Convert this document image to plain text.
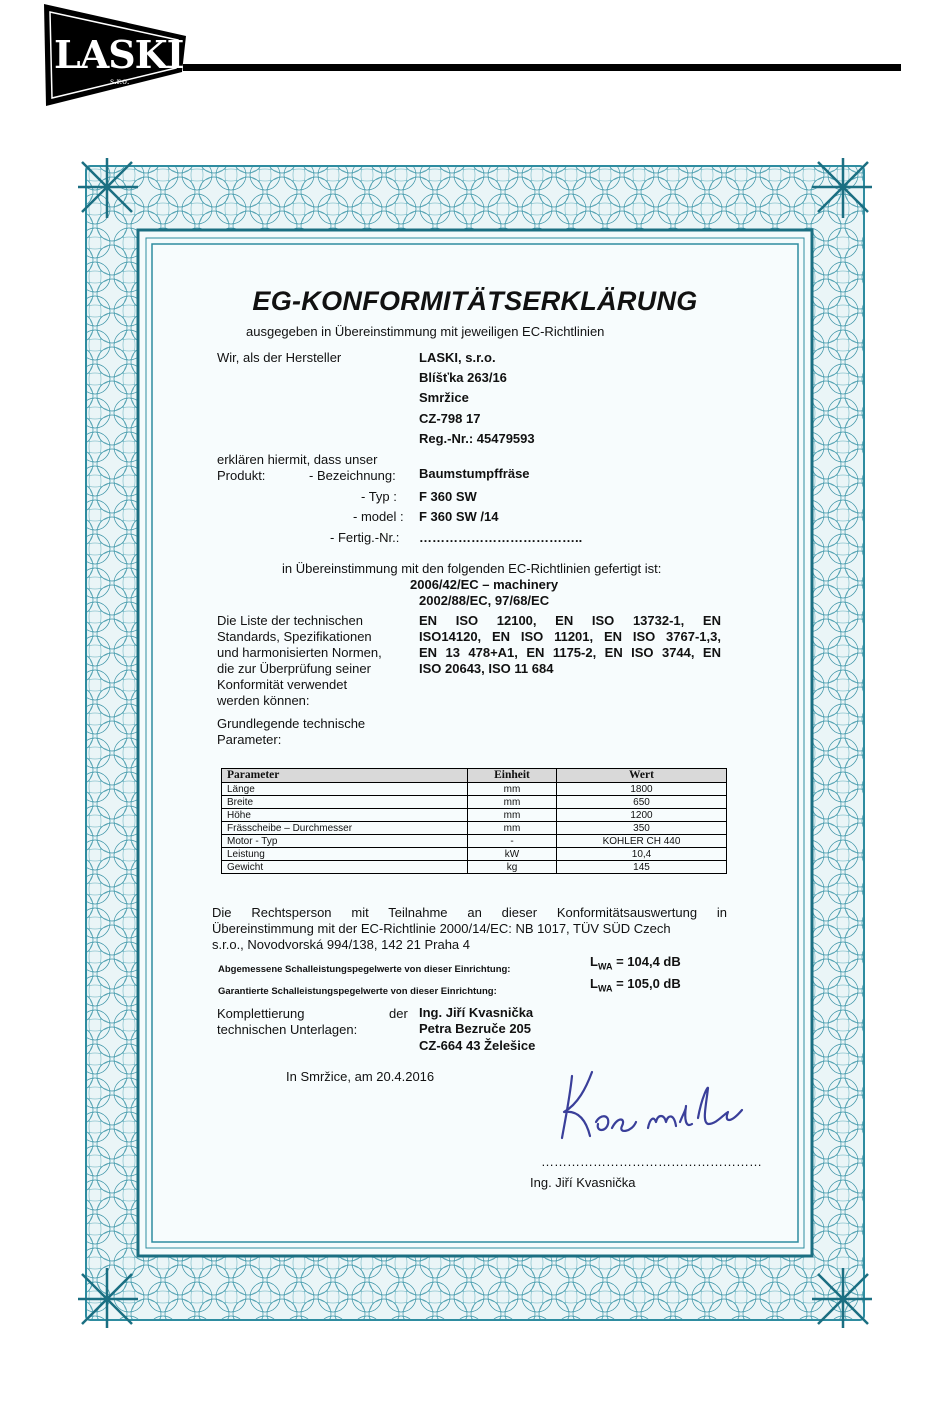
LASKI
s.r.o.
EG-KONFORMITÄTSERKLÄRUNG
ausgegeben in Übereinstimmung mit jeweiligen EC-Richtlinien
Wir, als der Hersteller	LASKI, s.r.o.
Blíšťka 263/16
Smržice
CZ-798 17
Reg.-Nr.: 45479593
erklären hiermit, dass unser
Produkt:	- Bezeichnung: Baumstumpffräse
- Typ : F 360 SW
- model : F 360 SW /14
- Fertig.-Nr.: ………………………………..
in Übereinstimmung mit den folgenden EC-Richtlinien gefertigt ist:
2006/42/EC – machinery
2002/88/EC, 97/68/EC
Die Liste der technischen
Standards, Spezifikationen
und harmonisierten Normen,
die zur Überprüfung seiner
Konformität verwendet
werden können:
EN ISO 12100, EN ISO 13732-1, EN
ISO14120, EN ISO 11201, EN ISO 3767-1,3,
EN 13 478+A1, EN 1175-2, EN ISO 3744, EN
ISO 20643, ISO 11 684
Grundlegende technische
Parameter:
Parameter	Einheit	Wert
Länge	mm	1800
Breite	mm	650
Höhe	mm	1200
Frässcheibe – Durchmesser	mm	350
Motor - Typ	-	KOHLER CH 440
Leistung	kW	10,4
Gewicht	kg	145
Die Rechtsperson mit Teilnahme an dieser Konformitätsauswertung in
Übereinstimmung mit der EC-Richtlinie 2000/14/EC: NB 1017, TÜV SÜD Czech
s.r.o., Novodvorská 994/138, 142 21 Praha 4
Abgemessene Schalleistungspegelwerte von dieser Einrichtung:
$L_{WA} = 104,4$ dB
Garantierte Schalleistungspegelwerte von dieser Einrichtung:
$L_{WA} = 105,0$ dB
Komplettierung	der
technischen Unterlagen:
Ing. Jiří Kvasnička
Petra Bezruče 205
CZ-664 43 Želešice
In Smržice, am 20.4.2016
……………………………………………
Ing. Jiří Kvasnička
